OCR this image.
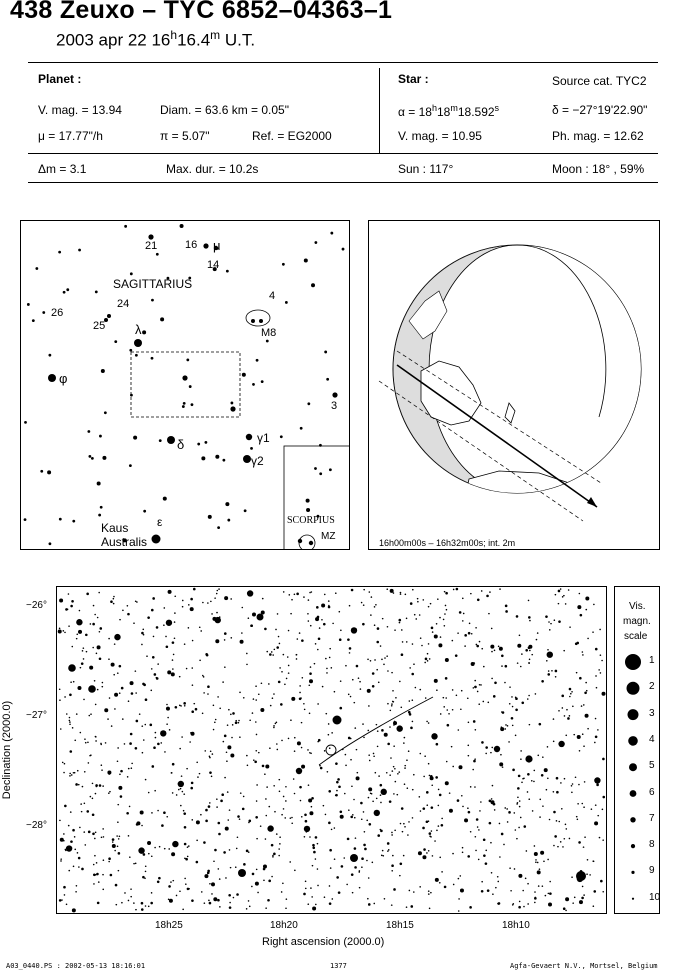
438 Zeuxo – TYC 6852–04363–1
2003 apr 22 16$^h$16.4$^m$ U.T.
Planet :
V. mag. = 13.94	Diam. = 63.6 km = 0.05"
μ = 17.77"/h	π = 5.07"	Ref. = EG2000
Δm = 3.1	Max. dur. = 10.2s
Star :	Source cat. TYC2
$\alpha = 18^h18^m18.592^s$	δ = −27°19'22.90"
V. mag. = 10.95	Ph. mag. = 12.62
Sun : 117°	Moon : 18° , 59%
SAGITTARIUS
21	16 μ
14
4
M8
26
24
25 λ
φ
3
γ1
δ
γ2
ε
Kaus
Australis
SCORPIUS
MZ
16h00m00s – 16h32m00s; int. 2m
Declination (2000.0)
−26°
−27°
−28°
18h25	18h20	18h15	18h10
Right ascension (2000.0)
Vis.
magn.
scale
1
2
3
4
5
6
7
8
9
10
A03_0440.PS : 2002-05-13 18:16:01	1377	Agfa-Gevaert N.V., Mortsel, Belgium
